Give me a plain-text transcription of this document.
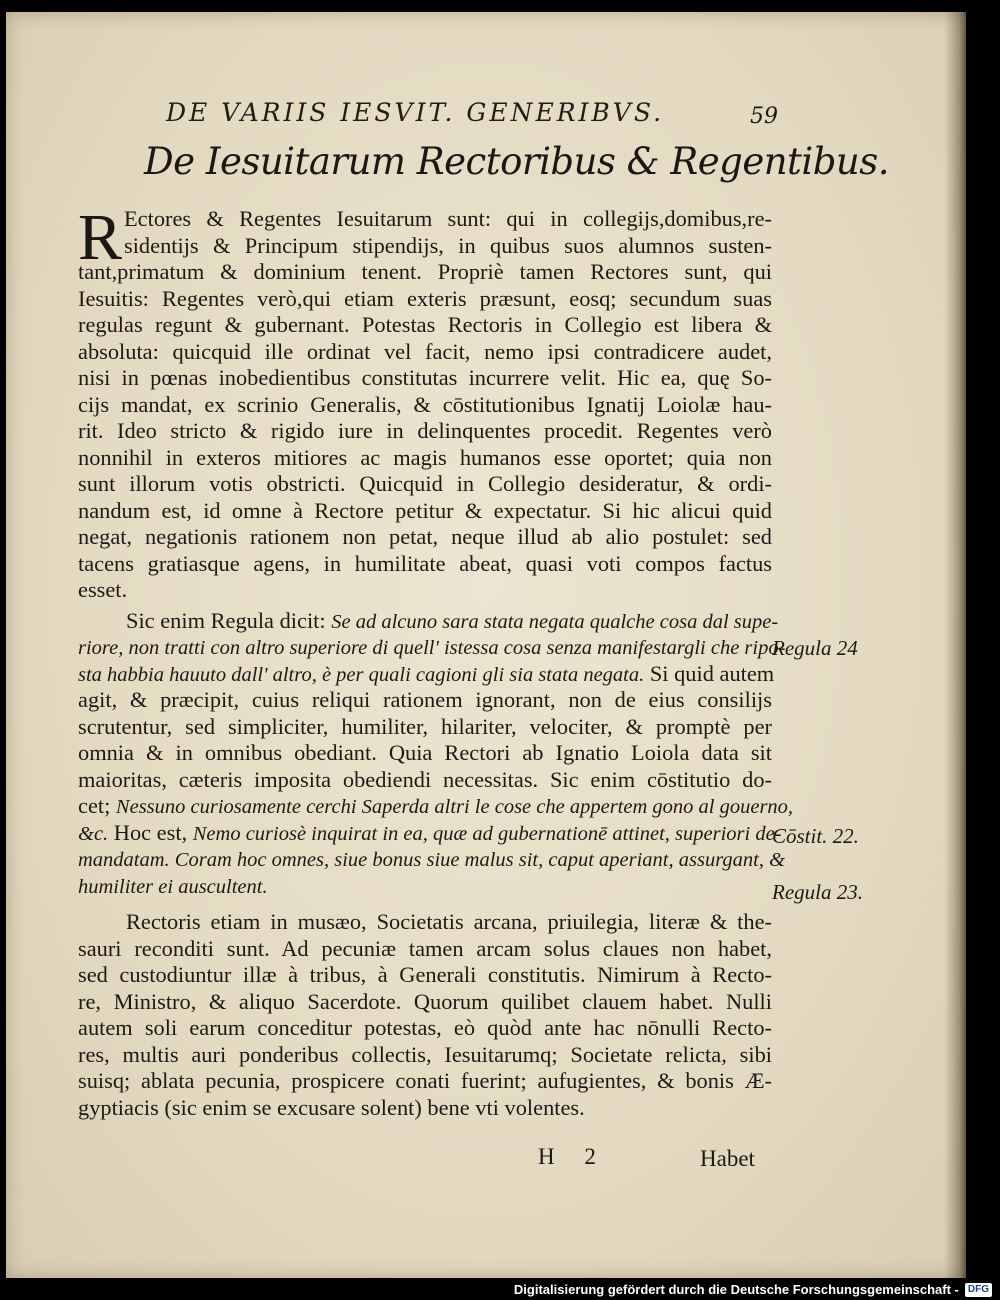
DE VARIIS IESVIT. GENERIBVS.	59
De Iesuitarum Rectoribus & Regentibus.
R Ectores & Regentes Iesuitarum sunt: qui in collegijs,domibus,re-
sidentijs & Principum stipendijs, in quibus suos alumnos susten-
tant,primatum & dominium tenent. Propriè tamen Rectores sunt, qui
Iesuitis: Regentes verò,qui etiam exteris præsunt, eosq; secundum suas
regulas regunt & gubernant. Potestas Rectoris in Collegio est libera &
absoluta: quicquid ille ordinat vel facit, nemo ipsi contradicere audet,
nisi in pœnas inobedientibus constitutas incurrere velit. Hic ea, quę So-
cijs mandat, ex scrinio Generalis, & cōstitutionibus Ignatij Loiolæ hau-
rit. Ideo stricto & rigido iure in delinquentes procedit. Regentes verò
nonnihil in exteros mitiores ac magis humanos esse oportet; quia non
sunt illorum votis obstricti. Quicquid in Collegio desideratur, & ordi-
nandum est, id omne à Rectore petitur & expectatur. Si hic alicui quid
negat, negationis rationem non petat, neque illud ab alio postulet: sed
tacens gratiasque agens, in humilitate abeat, quasi voti compos factus
esset.
Sic enim Regula dicit: Se ad alcuno sara stata negata qualche cosa dal supe-
riore, non tratti con altro superiore di quell' istessa cosa senza manifestargli che ripo-
sta habbia hauuto dall' altro, è per quali cagioni gli sia stata negata. Si quid autem
agit, & præcipit, cuius reliqui rationem ignorant, non de eius consilijs
scrutentur, sed simpliciter, humiliter, hilariter, velociter, & promptè per
omnia & in omnibus obediant. Quia Rectori ab Ignatio Loiola data sit
maioritas, cæteris imposita obediendi necessitas. Sic enim cōstitutio do-
cet; Nessuno curiosamente cerchi Saperda altri le cose che appertem gono al gouerno,
&c. Hoc est, Nemo curiosè inquirat in ea, quæ ad gubernationē attinet, superiori de-
mandatam. Coram hoc omnes, siue bonus siue malus sit, caput aperiant, assurgant, &
humiliter ei auscultent.
Rectoris etiam in musæo, Societatis arcana, priuilegia, literæ & the-
sauri reconditi sunt. Ad pecuniæ tamen arcam solus claues non habet,
sed custodiuntur illæ à tribus, à Generali constitutis. Nimirum à Recto-
re, Ministro, & aliquo Sacerdote. Quorum quilibet clauem habet. Nulli
autem soli earum conceditur potestas, eò quòd ante hac nōnulli Recto-
res, multis auri ponderibus collectis, Iesuitarumq; Societate relicta, sibi
suisq; ablata pecunia, prospicere conati fuerint; aufugientes, & bonis Æ-
gyptiacis (sic enim se excusare solent) bene vti volentes.
Regula 24
Cōstit. 22.
Regula 23.
H 2	Habet
Digitalisierung gefördert durch die Deutsche Forschungsgemeinschaft - DFG
